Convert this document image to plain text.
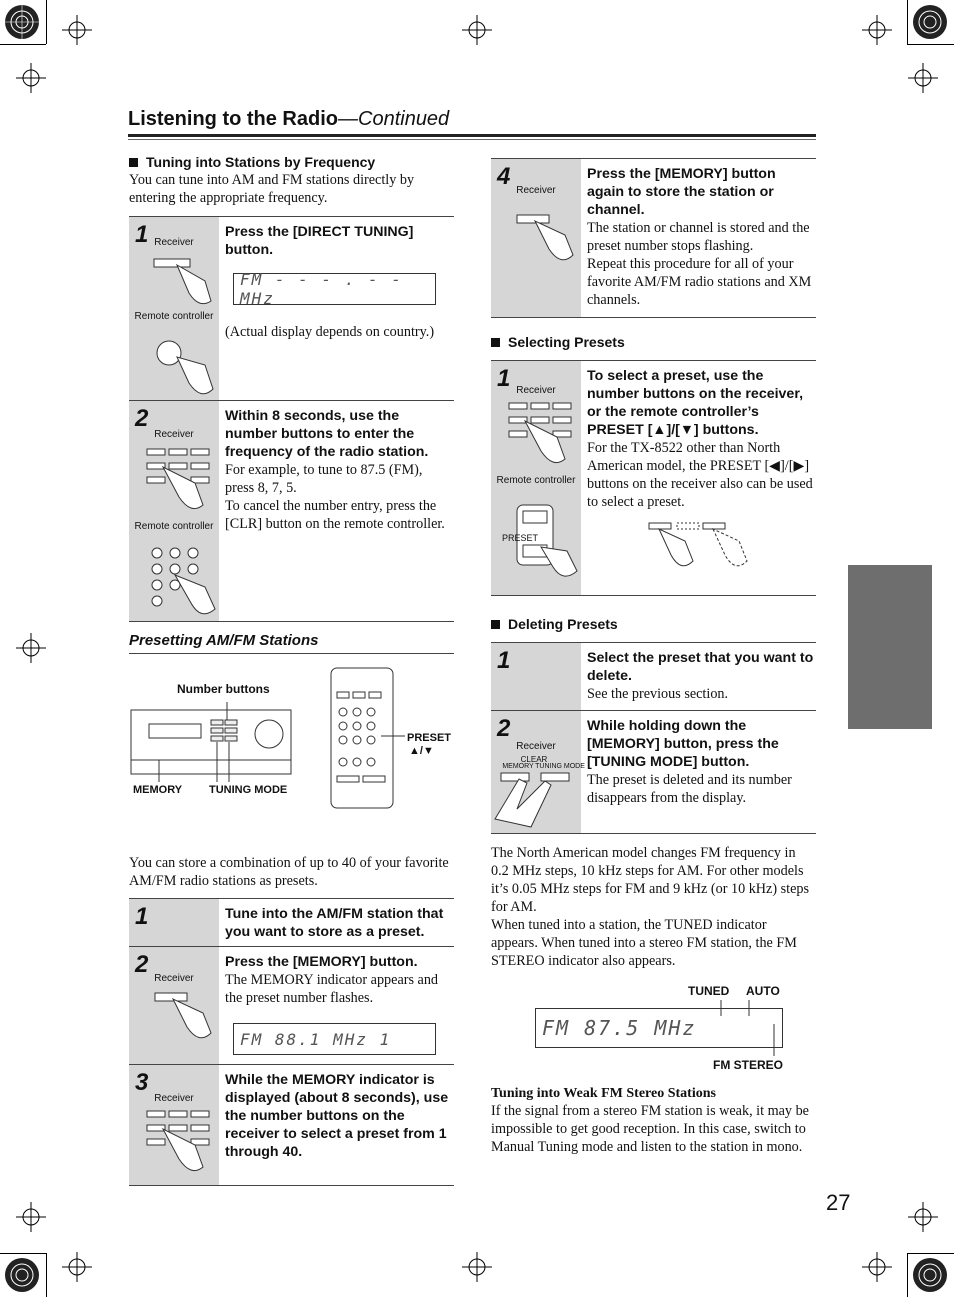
Listening to the Radio—Continued
Tuning into Stations by Frequency

You can tune into AM and FM stations directly by entering the appropriate frequency.

1 Receiver
Remote controller

Press the [DIRECT TUNING] button.

FM - - - . - - MHz

(Actual display depends on country.)

2
Receiver
Remote controller

Within 8 seconds, use the number buttons to enter the frequency of the radio station.

For example, to tune to 87.5 (FM), press 8, 7, 5.

To cancel the number entry, press the [CLR] button on the remote controller.

Presetting AM/FM Stations

Number buttons
MEMORY TUNING MODE
PRESET
▲/▼

You can store a combination of up to 40 of your favorite AM/FM radio stations as presets.

1	Tune into the AM/FM station that you want to store as a preset.

2
Receiver

Press the [MEMORY] button.

The MEMORY indicator appears and the preset number flashes.

FM 88.1 MHz 1
3
Receiver

While the MEMORY indicator is displayed (about 8 seconds), use the number buttons on the receiver to select a preset from 1 through 40.

4
Receiver

Press the [MEMORY] button again to store the station or channel.

The station or channel is stored and the preset number stops flashing.

Repeat this procedure for all of your favorite AM/FM radio stations and XM channels.

Selecting Presets
1 Receiver
Remote controller
PRESET

To select a preset, use the number buttons on the receiver, or the remote controller’s PRESET [▲]/[▼] buttons.

For the TX-8522 other than North American model, the PRESET [◀]/[▶] buttons on the receiver also can be used to select a preset.

Deleting Presets
1	Select the preset that you want to delete.

See the previous section.

2
Receiver
CLEAR
MEMORY TUNING MODE

While holding down the [MEMORY] button, press the [TUNING MODE] button.

The preset is deleted and its number disappears from the display.

The North American model changes FM frequency in 0.2 MHz steps, 10 kHz steps for AM. For other models it’s 0.05 MHz steps for FM and 9 kHz (or 10 kHz) steps for AM.

When tuned into a station, the TUNED indicator appears. When tuned into a stereo FM station, the FM STEREO indicator also appears.

TUNED AUTO
FM 87.5 MHz
FM STEREO

Tuning into Weak FM Stereo Stations

If the signal from a stereo FM station is weak, it may be impossible to get good reception. In this case, switch to Manual Tuning mode and listen to the station in mono.

27
